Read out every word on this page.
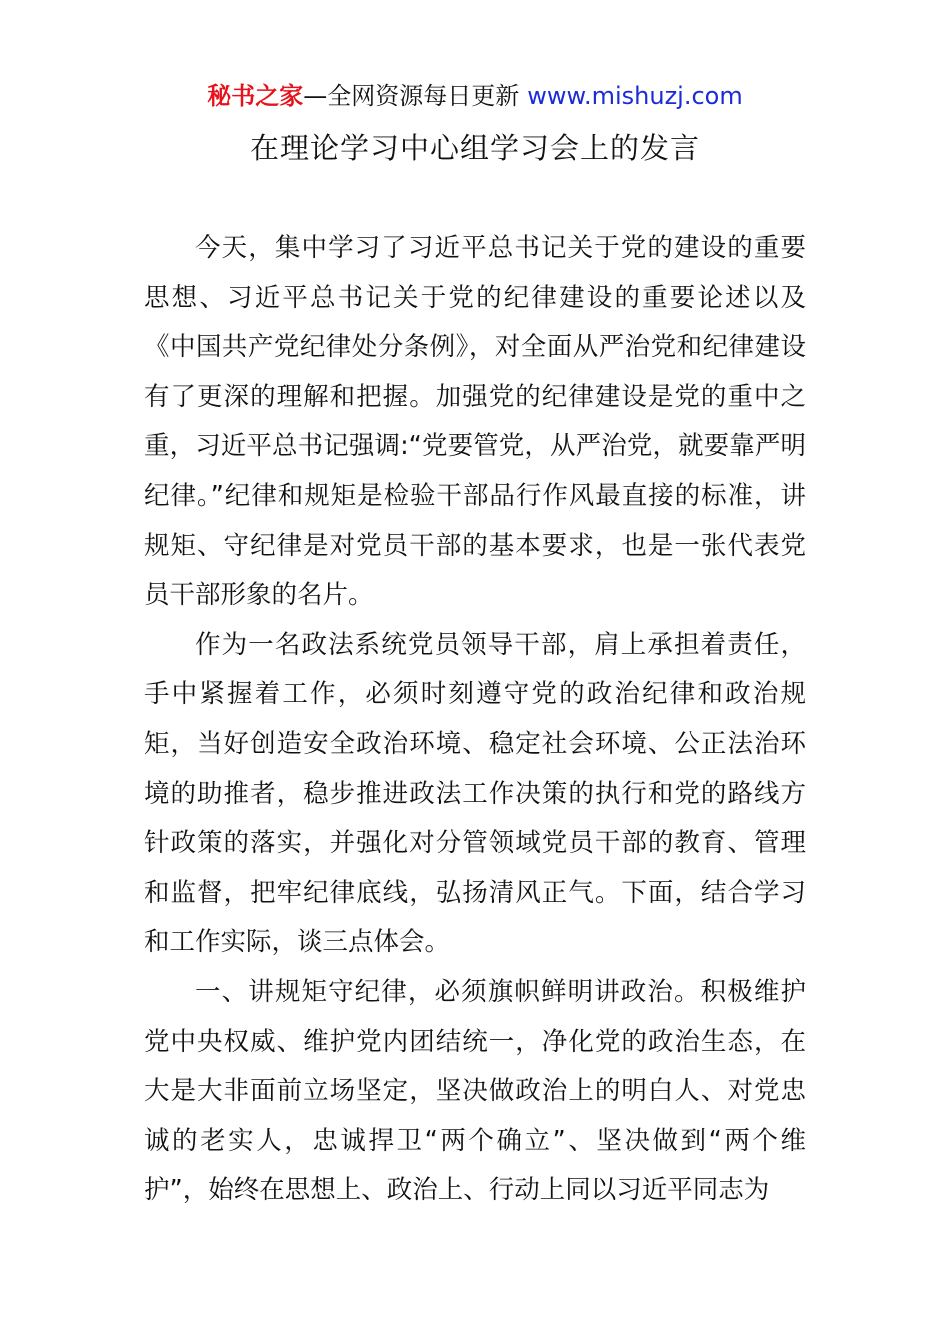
秘书之家—全网资源每日更新 www.mishuzj.com
在理论学习中心组学习会上的发言

今天，集中学习了习近平总书记关于党的建设的重要思想、习近平总书记关于党的纪律建设的重要论述以及《中国共产党纪律处分条例》，对全面从严治党和纪律建设有了更深的理解和把握。加强党的纪律建设是党的重中之重，习近平总书记强调:“党要管党，从严治党，就要靠严明纪律。”纪律和规矩是检验干部品行作风最直接的标准，讲规矩、守纪律是对党员干部的基本要求，也是一张代表党员干部形象的名片。

作为一名政法系统党员领导干部，肩上承担着责任，手中紧握着工作，必须时刻遵守党的政治纪律和政治规矩，当好创造安全政治环境、稳定社会环境、公正法治环境的助推者，稳步推进政法工作决策的执行和党的路线方针政策的落实，并强化对分管领域党员干部的教育、管理和监督，把牢纪律底线，弘扬清风正气。下面，结合学习和工作实际，谈三点体会。

一、讲规矩守纪律，必须旗帜鲜明讲政治。积极维护党中央权威、维护党内团结统一，净化党的政治生态，在大是大非面前立场坚定，坚决做政治上的明白人、对党忠诚的老实人，忠诚捍卫“两个确立”、坚决做到“两个维护”，始终在思想上、政治上、行动上同以习近平同志为
